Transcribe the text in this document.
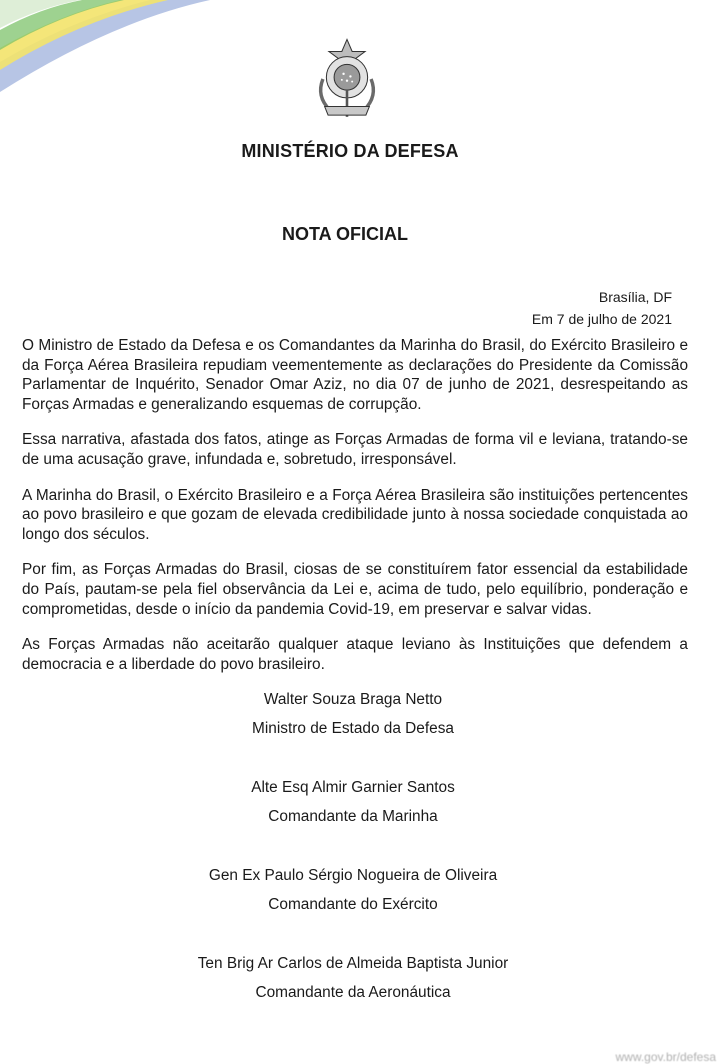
MINISTÉRIO DA DEFESA
NOTA OFICIAL
Brasília, DF
Em 7 de julho de 2021

O Ministro de Estado da Defesa e os Comandantes da Marinha do Brasil, do Exército Brasileiro e da Força Aérea Brasileira repudiam veementemente as declarações do Presidente da Comissão Parlamentar de Inquérito, Senador Omar Aziz, no dia 07 de junho de 2021, desrespeitando as Forças Armadas e generalizando esquemas de corrupção.

Essa narrativa, afastada dos fatos, atinge as Forças Armadas de forma vil e leviana, tratando-se de uma acusação grave, infundada e, sobretudo, irresponsável.

A Marinha do Brasil, o Exército Brasileiro e a Força Aérea Brasileira são instituições pertencentes ao povo brasileiro e que gozam de elevada credibilidade junto à nossa sociedade conquistada ao longo dos séculos.

Por fim, as Forças Armadas do Brasil, ciosas de se constituírem fator essencial da estabilidade do País, pautam-se pela fiel observância da Lei e, acima de tudo, pelo equilíbrio, ponderação e comprometidas, desde o início da pandemia Covid-19, em preservar e salvar vidas.

As Forças Armadas não aceitarão qualquer ataque leviano às Instituições que defendem a democracia e a liberdade do povo brasileiro.

Walter Souza Braga Netto
Ministro de Estado da Defesa
Alte Esq Almir Garnier Santos
Comandante da Marinha
Gen Ex Paulo Sérgio Nogueira de Oliveira
Comandante do Exército
Ten Brig Ar Carlos de Almeida Baptista Junior
Comandante da Aeronáutica
www.gov.br/defesa
